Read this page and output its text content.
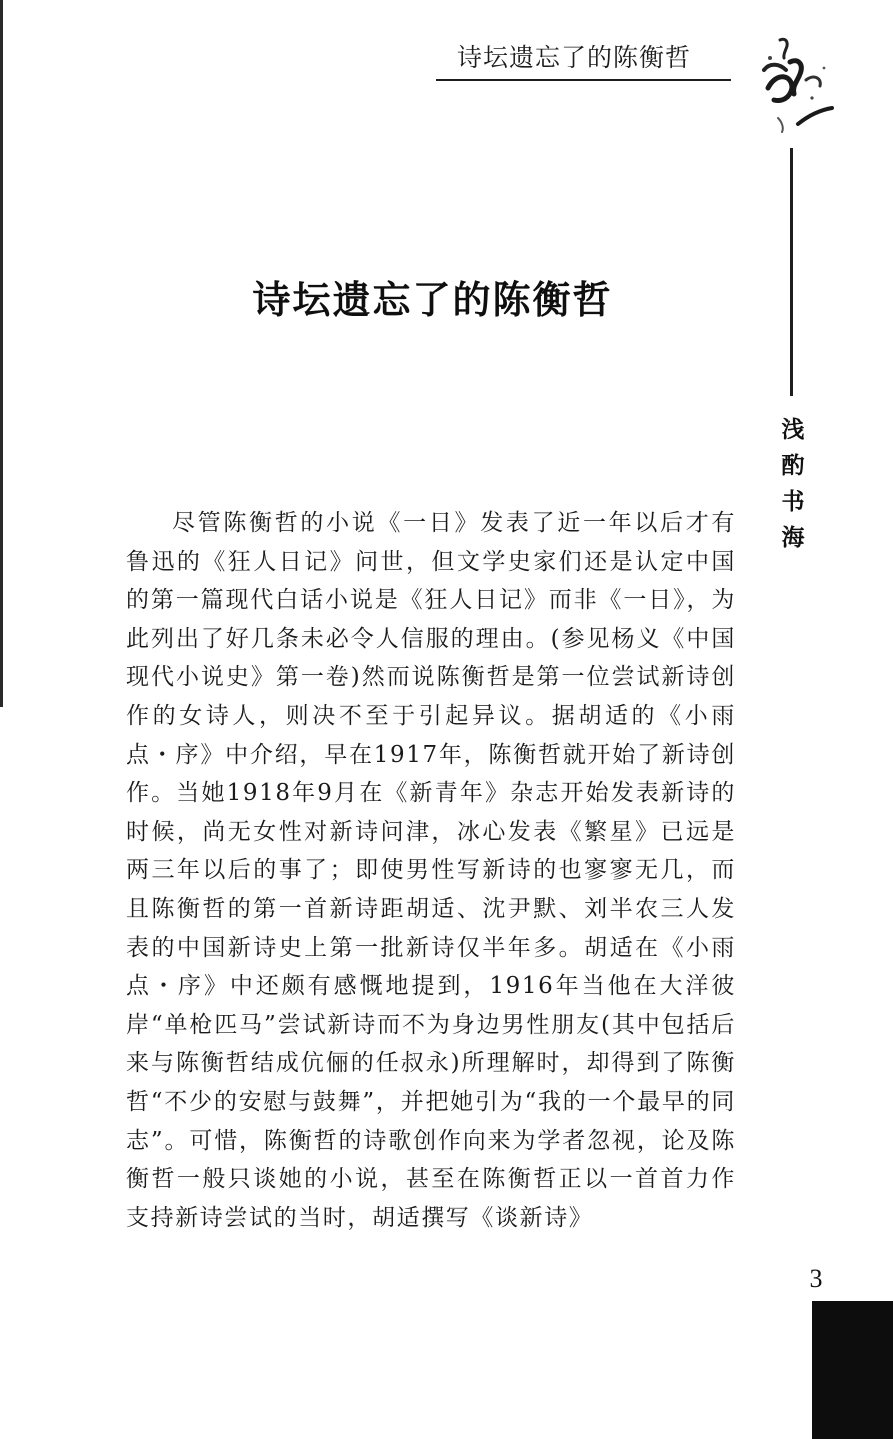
诗坛遗忘了的陈衡哲
浅酌书海
诗坛遗忘了的陈衡哲

尽管陈衡哲的小说《一日》发表了近一年以后才有鲁迅的《狂人日记》问世，但文学史家们还是认定中国的第一篇现代白话小说是《狂人日记》而非《一日》，为此列出了好几条未必令人信服的理由。(参见杨义《中国现代小说史》第一卷)然而说陈衡哲是第一位尝试新诗创作的女诗人，则决不至于引起异议。据胡适的《小雨点・序》中介绍，早在1917年，陈衡哲就开始了新诗创作。当她1918年9月在《新青年》杂志开始发表新诗的时候，尚无女性对新诗问津，冰心发表《繁星》已远是两三年以后的事了；即使男性写新诗的也寥寥无几，而且陈衡哲的第一首新诗距胡适、沈尹默、刘半农三人发表的中国新诗史上第一批新诗仅半年多。胡适在《小雨点・序》中还颇有感慨地提到，1916年当他在大洋彼岸“单枪匹马”尝试新诗而不为身边男性朋友(其中包括后来与陈衡哲结成伉俪的任叔永)所理解时，却得到了陈衡哲“不少的安慰与鼓舞”，并把她引为“我的一个最早的同志”。可惜，陈衡哲的诗歌创作向来为学者忽视，论及陈衡哲一般只谈她的小说，甚至在陈衡哲正以一首首力作支持新诗尝试的当时，胡适撰写《谈新诗》

3
